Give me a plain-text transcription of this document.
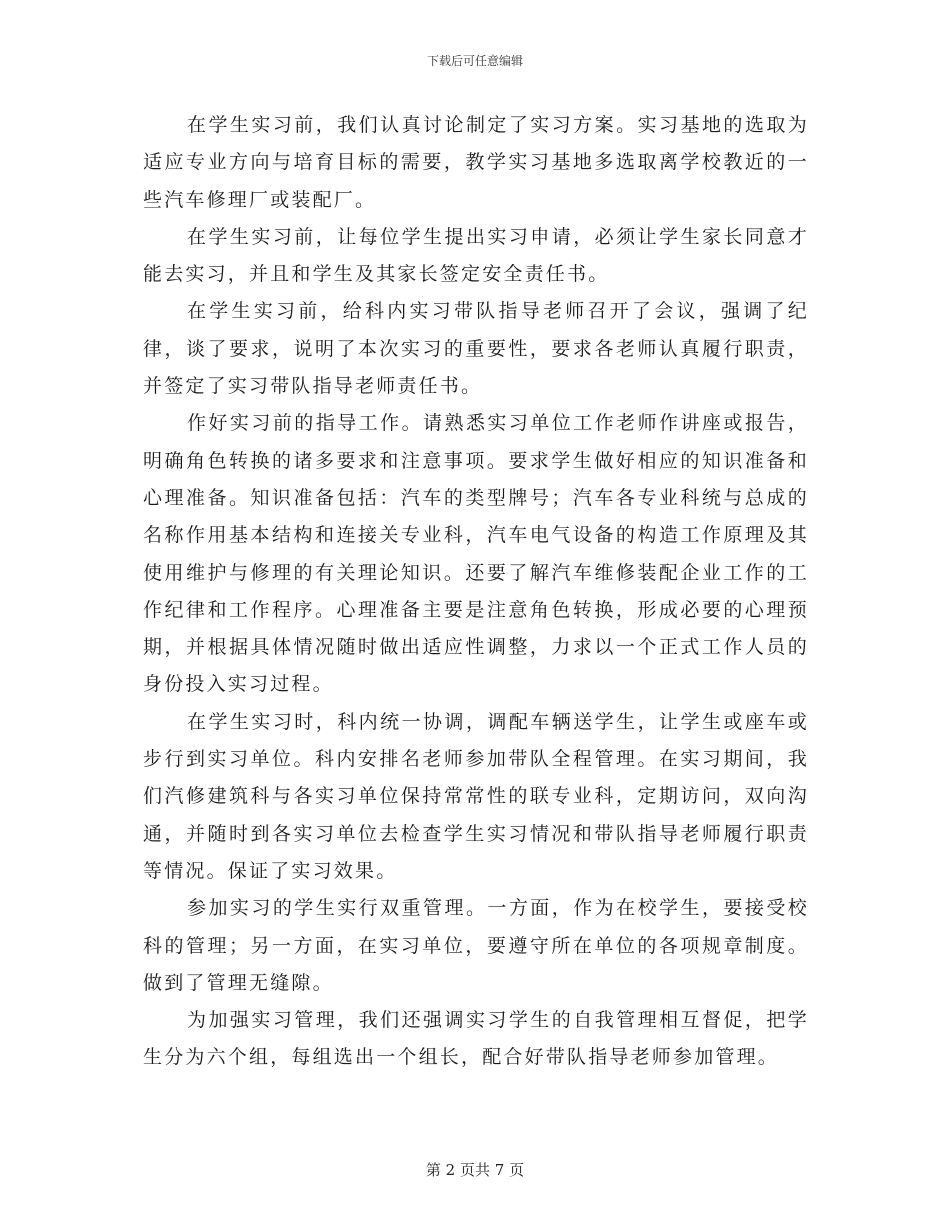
下载后可任意编辑

在学生实习前，我们认真讨论制定了实习方案。实习基地的选取为适应专业方向与培育目标的需要，教学实习基地多选取离学校教近的一些汽车修理厂或装配厂。

在学生实习前，让每位学生提出实习申请，必须让学生家长同意才能去实习，并且和学生及其家长签定安全责任书。

在学生实习前，给科内实习带队指导老师召开了会议，强调了纪律，谈了要求，说明了本次实习的重要性，要求各老师认真履行职责，并签定了实习带队指导老师责任书。

作好实习前的指导工作。请熟悉实习单位工作老师作讲座或报告，明确角色转换的诸多要求和注意事项。要求学生做好相应的知识准备和心理准备。知识准备包括：汽车的类型牌号；汽车各专业科统与总成的名称作用基本结构和连接关专业科，汽车电气设备的构造工作原理及其使用维护与修理的有关理论知识。还要了解汽车维修装配企业工作的工作纪律和工作程序。心理准备主要是注意角色转换，形成必要的心理预期，并根据具体情况随时做出适应性调整，力求以一个正式工作人员的身份投入实习过程。

在学生实习时，科内统一协调，调配车辆送学生，让学生或座车或步行到实习单位。科内安排名老师参加带队全程管理。在实习期间，我们汽修建筑科与各实习单位保持常常性的联专业科，定期访问，双向沟通，并随时到各实习单位去检查学生实习情况和带队指导老师履行职责等情况。保证了实习效果。

参加实习的学生实行双重管理。一方面，作为在校学生，要接受校科的管理；另一方面，在实习单位，要遵守所在单位的各项规章制度。做到了管理无缝隙。

为加强实习管理，我们还强调实习学生的自我管理相互督促，把学生分为六个组，每组选出一个组长，配合好带队指导老师参加管理。

第 2 页共 7 页
